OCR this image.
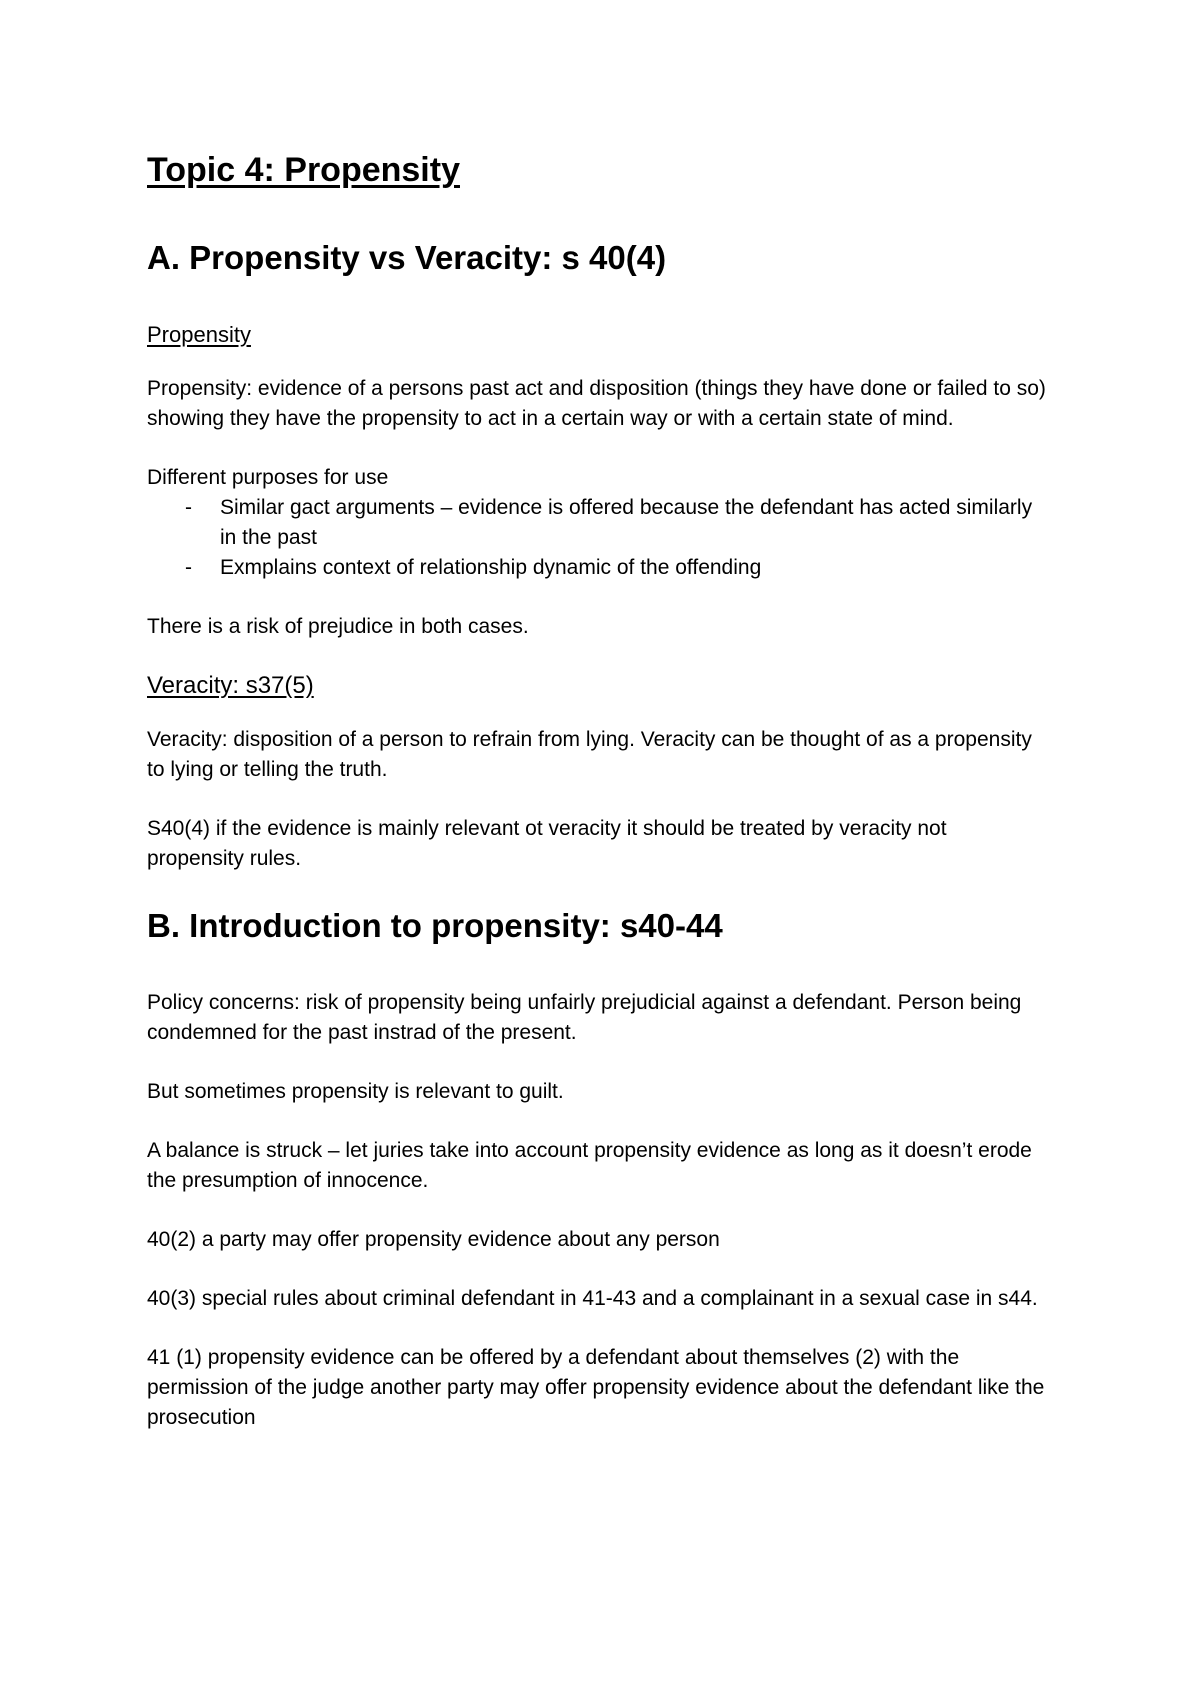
Topic 4: Propensity
A. Propensity vs Veracity: s 40(4)
Propensity

Propensity: evidence of a persons past act and disposition (things they have done or failed to so) showing they have the propensity to act in a certain way or with a certain state of mind.

Different purposes for use

- Similar gact arguments – evidence is offered because the defendant has acted similarly in the past
- Exmplains context of relationship dynamic of the offending

There is a risk of prejudice in both cases.

Veracity: s37(5)

Veracity: disposition of a person to refrain from lying. Veracity can be thought of as a propensity to lying or telling the truth.

S40(4) if the evidence is mainly relevant ot veracity it should be treated by veracity not propensity rules.

B. Introduction to propensity: s40-44

Policy concerns: risk of propensity being unfairly prejudicial against a defendant. Person being condemned for the past instrad of the present.

But sometimes propensity is relevant to guilt.

A balance is struck – let juries take into account propensity evidence as long as it doesn’t erode the presumption of innocence.

40(2) a party may offer propensity evidence about any person

40(3) special rules about criminal defendant in 41-43 and a complainant in a sexual case in s44.

41 (1) propensity evidence can be offered by a defendant about themselves (2) with the permission of the judge another party may offer propensity evidence about the defendant like the prosecution
